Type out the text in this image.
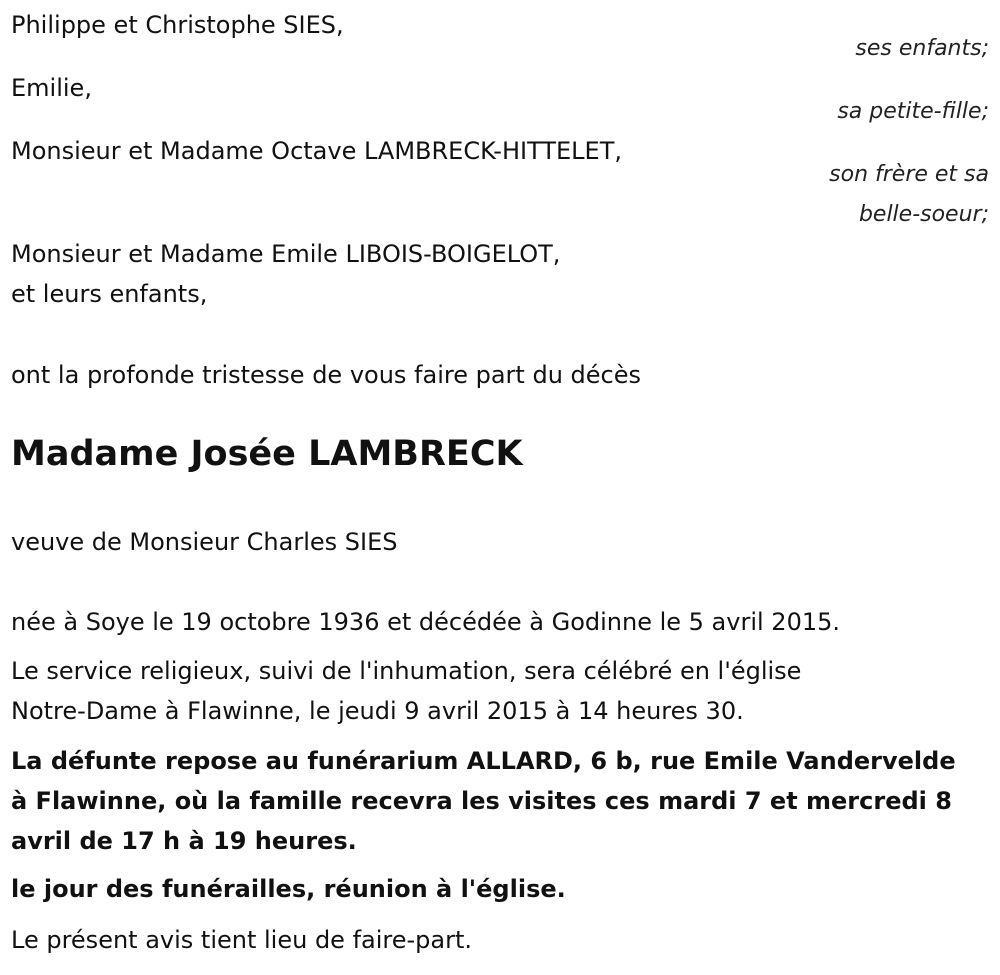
Philippe et Christophe SIES,
ses enfants;
Emilie,
sa petite-fille;
Monsieur et Madame Octave LAMBRECK-HITTELET,
son frère et sa
belle-soeur;
Monsieur et Madame Emile LIBOIS-BOIGELOT,
et leurs enfants,
ont la profonde tristesse de vous faire part du décès
Madame Josée LAMBRECK
veuve de Monsieur Charles SIES
née à Soye le 19 octobre 1936 et décédée à Godinne le 5 avril 2015.
Le service religieux, suivi de l'inhumation, sera célébré en l'église
Notre-Dame à Flawinne, le jeudi 9 avril 2015 à 14 heures 30.
La défunte repose au funérarium ALLARD, 6 b, rue Emile Vandervelde
à Flawinne, où la famille recevra les visites ces mardi 7 et mercredi 8
avril de 17 h à 19 heures.
le jour des funérailles, réunion à l'église.
Le présent avis tient lieu de faire-part.
